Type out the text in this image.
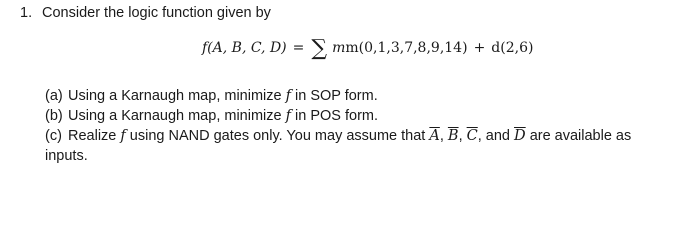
1. Consider the logic function given by
f(A, B, C, D) = ∑ mm(0,1,3,7,8,9,14) + d(2,6)
(a) Using a Karnaugh map, minimize f in SOP form.
(b) Using a Karnaugh map, minimize f in POS form.
(c) Realize f using NAND gates only. You may assume that $\overline{A}$, $\overline{B}$, $\overline{C}$, and $\overline{D}$ are available as
inputs.
